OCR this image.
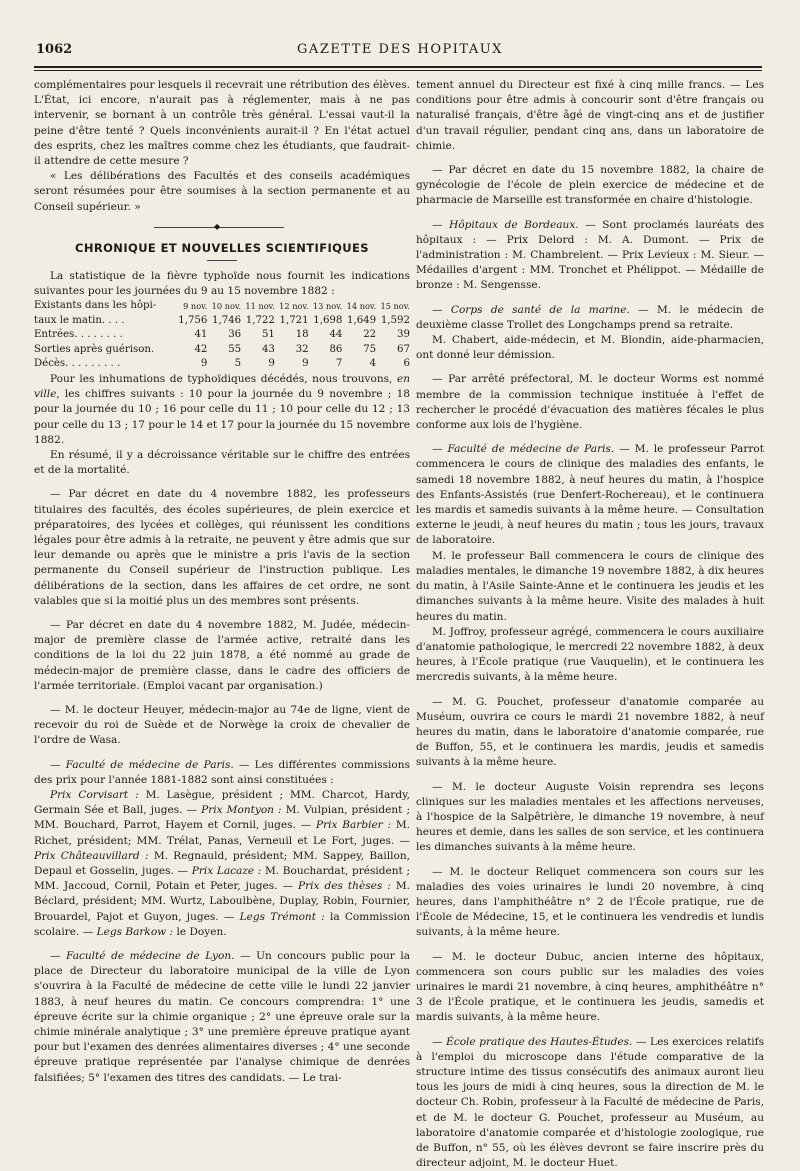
1062	GAZETTE DES HOPITAUX

complémentaires pour lesquels il recevrait une rétribution des élèves. L'État, ici encore, n'aurait pas à réglementer, mais à ne pas intervenir, se bornant à un contrôle très général. L'essai vaut-il la peine d'être tenté ? Quels inconvénients aurait-il ? En l'état actuel des esprits, chez les maîtres comme chez les étudiants, que faudrait-il attendre de cette mesure ?

« Les délibérations des Facultés et des conseils académiques seront résumées pour être soumises à la section permanente et au Conseil supérieur. »

◆
CHRONIQUE ET NOUVELLES SCIENTIFIQUES

La statistique de la fièvre typhoïde nous fournit les indications suivantes pour les journées du 9 au 15 novembre 1882 :

Existants dans les hôpi-	9 nov.	10 nov.	11 nov.	12 nov.	13 nov.	14 nov.	15 nov.
taux le matin. . . .	1,756	1,746	1,722	1,721	1,698	1,649	1,592
Entrées. . . . . . . .	41	36	51	18	44	22	39
Sorties après guérison.	42	55	43	32	86	75	67
Décès. . . . . . . . .	9	5	9	9	7	4	6

Pour les inhumations de typhoïdiques décédés, nous trouvons, en ville, les chiffres suivants : 10 pour la journée du 9 novembre ; 18 pour la journée du 10 ; 16 pour celle du 11 ; 10 pour celle du 12 ; 13 pour celle du 13 ; 17 pour le 14 et 17 pour la journée du 15 novembre 1882.

En résumé, il y a décroissance véritable sur le chiffre des entrées et de la mortalité.

— Par décret en date du 4 novembre 1882, les professeurs titulaires des facultés, des écoles supérieures, de plein exercice et préparatoires, des lycées et collèges, qui réunissent les conditions légales pour être admis à la retraite, ne peuvent y être admis que sur leur demande ou après que le ministre a pris l'avis de la section permanente du Conseil supérieur de l'instruction publique. Les délibérations de la section, dans les affaires de cet ordre, ne sont valables que si la moitié plus un des membres sont présents.

— Par décret en date du 4 novembre 1882, M. Judée, médecin-major de première classe de l'armée active, retraité dans les conditions de la loi du 22 juin 1878, a été nommé au grade de médecin-major de première classe, dans le cadre des officiers de l'armée territoriale. (Emploi vacant par organisation.)

— M. le docteur Heuyer, médecin-major au 74e de ligne, vient de recevoir du roi de Suède et de Norwège la croix de chevalier de l'ordre de Wasa.

— Faculté de médecine de Paris. — Les différentes commissions des prix pour l'année 1881-1882 sont ainsi constituées :

Prix Corvisart : M. Lasègue, président ; MM. Charcot, Hardy, Germain Sée et Ball, juges. — Prix Montyon : M. Vulpian, président ; MM. Bouchard, Parrot, Hayem et Cornil, juges. — Prix Barbier : M. Richet, président; MM. Trélat, Panas, Verneuil et Le Fort, juges. — Prix Châteauvillard : M. Regnauld, président; MM. Sappey, Baillon, Depaul et Gosselin, juges. — Prix Lacaze : M. Bouchardat, président ; MM. Jaccoud, Cornil, Potain et Peter, juges. — Prix des thèses : M. Béclard, président; MM. Wurtz, Laboulbène, Duplay, Robin, Fournier, Brouardel, Pajot et Guyon, juges. — Legs Trémont : la Commission scolaire. — Legs Barkow : le Doyen.

— Faculté de médecine de Lyon. — Un concours public pour la place de Directeur du laboratoire municipal de la ville de Lyon s'ouvrira à la Faculté de médecine de cette ville le lundi 22 janvier 1883, à neuf heures du matin. Ce concours comprendra: 1° une épreuve écrite sur la chimie organique ; 2° une épreuve orale sur la chimie minérale analytique ; 3° une première épreuve pratique ayant pour but l'examen des denrées alimentaires diverses ; 4° une seconde épreuve pratique représentée par l'analyse chimique de denrées falsifiées; 5° l'examen des titres des candidats. — Le trai-

tement annuel du Directeur est fixé à cinq mille francs. — Les conditions pour être admis à concourir sont d'être français ou naturalisé français, d'être âgé de vingt-cinq ans et de justifier d'un travail régulier, pendant cinq ans, dans un laboratoire de chimie.

— Par décret en date du 15 novembre 1882, la chaire de gynécologie de l'école de plein exercice de médecine et de pharmacie de Marseille est transformée en chaire d'histologie.

— Hôpitaux de Bordeaux. — Sont proclamés lauréats des hôpitaux : — Prix Delord : M. A. Dumont. — Prix de l'administration : M. Chambrelent. — Prix Levieux : M. Sieur. — Médailles d'argent : MM. Tronchet et Phélippot. — Médaille de bronze : M. Sengensse.

— Corps de santé de la marine. — M. le médecin de deuxième classe Trollet des Longchamps prend sa retraite.

M. Chabert, aide-médecin, et M. Blondin, aide-pharmacien, ont donné leur démission.

— Par arrêté préfectoral, M. le docteur Worms est nommé membre de la commission technique instituée à l'effet de rechercher le procédé d'évacuation des matières fécales le plus conforme aux lois de l'hygiène.

— Faculté de médecine de Paris. — M. le professeur Parrot commencera le cours de clinique des maladies des enfants, le samedi 18 novembre 1882, à neuf heures du matin, à l'hospice des Enfants-Assistés (rue Denfert-Rochereau), et le continuera les mardis et samedis suivants à la même heure. — Consultation externe le jeudi, à neuf heures du matin ; tous les jours, travaux de laboratoire.

M. le professeur Ball commencera le cours de clinique des maladies mentales, le dimanche 19 novembre 1882, à dix heures du matin, à l'Asile Sainte-Anne et le continuera les jeudis et les dimanches suivants à la même heure. Visite des malades à huit heures du matin.

M. Joffroy, professeur agrégé, commencera le cours auxiliaire d'anatomie pathologique, le mercredi 22 novembre 1882, à deux heures, à l'École pratique (rue Vauquelin), et le continuera les mercredis suivants, à la même heure.

— M. G. Pouchet, professeur d'anatomie comparée au Muséum, ouvrira ce cours le mardi 21 novembre 1882, à neuf heures du matin, dans le laboratoire d'anatomie comparée, rue de Buffon, 55, et le continuera les mardis, jeudis et samedis suivants à la même heure.

— M. le docteur Auguste Voisin reprendra ses leçons cliniques sur les maladies mentales et les affections nerveuses, à l'hospice de la Salpêtrière, le dimanche 19 novembre, à neuf heures et demie, dans les salles de son service, et les continuera les dimanches suivants à la même heure.

— M. le docteur Reliquet commencera son cours sur les maladies des voies urinaires le lundi 20 novembre, à cinq heures, dans l'amphithéâtre n° 2 de l'École pratique, rue de l'École de Médecine, 15, et le continuera les vendredis et lundis suivants, à la même heure.

— M. le docteur Dubuc, ancien interne des hôpitaux, commencera son cours public sur les maladies des voies urinaires le mardi 21 novembre, à cinq heures, amphithéâtre n° 3 de l'École pratique, et le continuera les jeudis, samedis et mardis suivants, à la même heure.

— École pratique des Hautes-Études. — Les exercices relatifs à l'emploi du microscope dans l'étude comparative de la structure intime des tissus consécutifs des animaux auront lieu tous les jours de midi à cinq heures, sous la direction de M. le docteur Ch. Robin, professeur à la Faculté de médecine de Paris, et de M. le docteur G. Pouchet, professeur au Muséum, au laboratoire d'anatomie comparée et d'histologie zoologique, rue de Buffon, n° 55, où les élèves devront se faire inscrire près du directeur adjoint, M. le docteur Huet.
